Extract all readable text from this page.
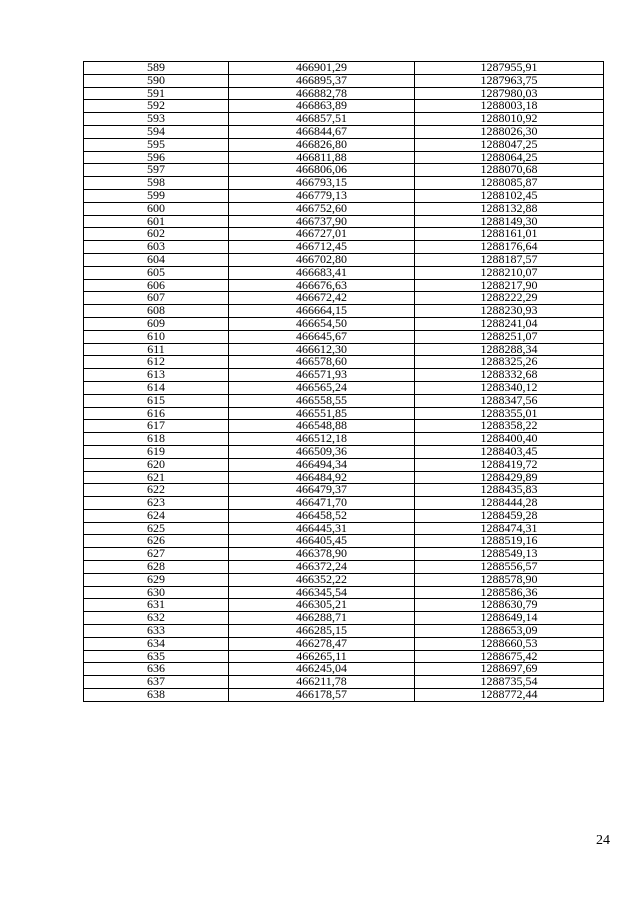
589	466901,29	1287955,91
590	466895,37	1287963,75
591	466882,78	1287980,03
592	466863,89	1288003,18
593	466857,51	1288010,92
594	466844,67	1288026,30
595	466826,80	1288047,25
596	466811,88	1288064,25
597	466806,06	1288070,68
598	466793,15	1288085,87
599	466779,13	1288102,45
600	466752,60	1288132,88
601	466737,90	1288149,30
602	466727,01	1288161,01
603	466712,45	1288176,64
604	466702,80	1288187,57
605	466683,41	1288210,07
606	466676,63	1288217,90
607	466672,42	1288222,29
608	466664,15	1288230,93
609	466654,50	1288241,04
610	466645,67	1288251,07
611	466612,30	1288288,34
612	466578,60	1288325,26
613	466571,93	1288332,68
614	466565,24	1288340,12
615	466558,55	1288347,56
616	466551,85	1288355,01
617	466548,88	1288358,22
618	466512,18	1288400,40
619	466509,36	1288403,45
620	466494,34	1288419,72
621	466484,92	1288429,89
622	466479,37	1288435,83
623	466471,70	1288444,28
624	466458,52	1288459,28
625	466445,31	1288474,31
626	466405,45	1288519,16
627	466378,90	1288549,13
628	466372,24	1288556,57
629	466352,22	1288578,90
630	466345,54	1288586,36
631	466305,21	1288630,79
632	466288,71	1288649,14
633	466285,15	1288653,09
634	466278,47	1288660,53
635	466265,11	1288675,42
636	466245,04	1288697,69
637	466211,78	1288735,54
638	466178,57	1288772,44
24
